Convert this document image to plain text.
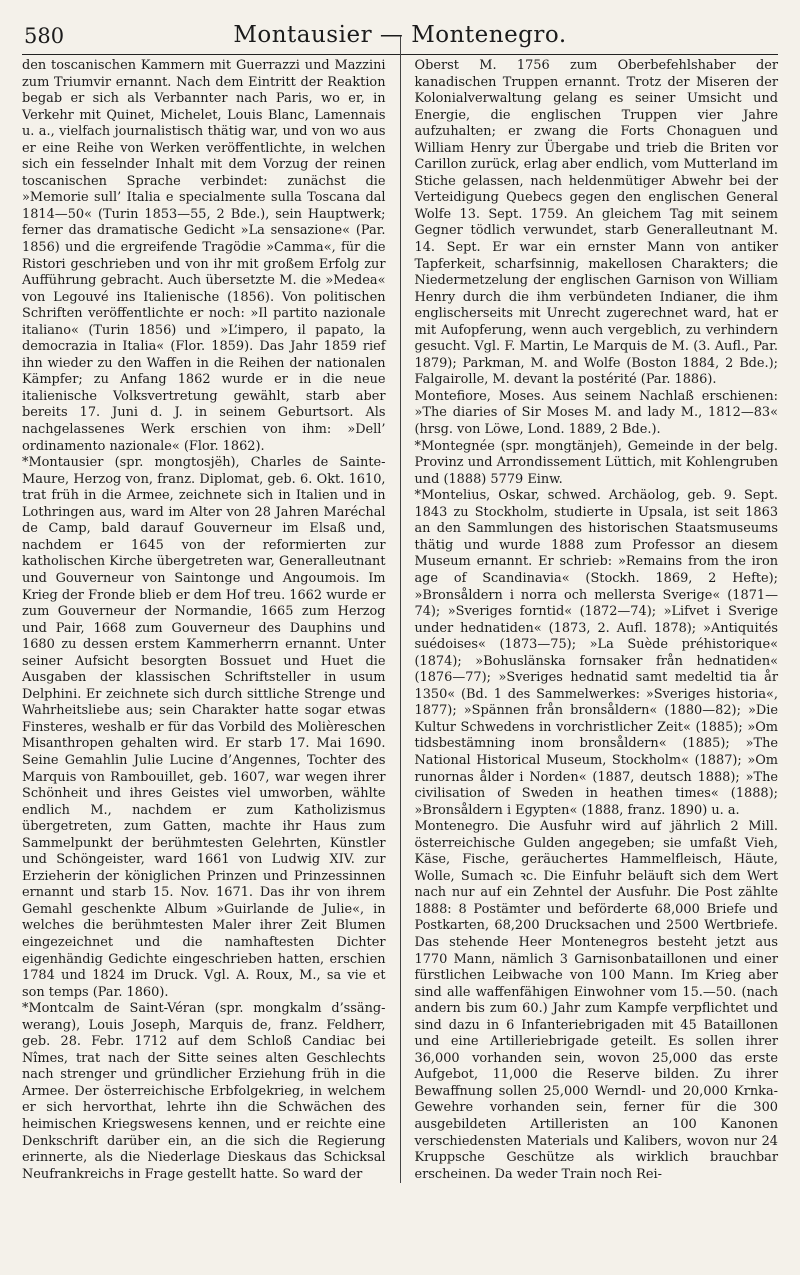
580	Montausier — Montenegro.

den toscanischen Kammern mit Guerrazzi und Mazzini zum Triumvir ernannt. Nach dem Eintritt der Reaktion begab er sich als Verbannter nach Paris, wo er, in Verkehr mit Quinet, Michelet, Louis Blanc, Lamennais u. a., vielfach journalistisch thätig war, und von wo aus er eine Reihe von Werken veröffentlichte, in welchen sich ein fesselnder Inhalt mit dem Vorzug der reinen toscanischen Sprache verbindet: zunächst die »Memorie sull’ Italia e specialmente sulla Toscana dal 1814—50« (Turin 1853—55, 2 Bde.), sein Hauptwerk; ferner das dramatische Gedicht »La sensazione« (Par. 1856) und die ergreifende Tragödie »Camma«, für die Ristori geschrieben und von ihr mit großem Erfolg zur Aufführung gebracht. Auch übersetzte M. die »Medea« von Legouvé ins Italienische (1856). Von politischen Schriften veröffentlichte er noch: »Il partito nazionale italiano« (Turin 1856) und »L’impero, il papato, la democrazia in Italia« (Flor. 1859). Das Jahr 1859 rief ihn wieder zu den Waffen in die Reihen der nationalen Kämpfer; zu Anfang 1862 wurde er in die neue italienische Volksvertretung gewählt, starb aber bereits 17. Juni d. J. in seinem Geburtsort. Als nachgelassenes Werk erschien von ihm: »Dell’ ordinamento nazionale« (Flor. 1862).

*Montausier (spr. mongtosjëh), Charles de Sainte-Maure, Herzog von, franz. Diplomat, geb. 6. Okt. 1610, trat früh in die Armee, zeichnete sich in Italien und in Lothringen aus, ward im Alter von 28 Jahren Maréchal de Camp, bald darauf Gouverneur im Elsaß und, nachdem er 1645 von der reformierten zur katholischen Kirche übergetreten war, Generalleutnant und Gouverneur von Saintonge und Angoumois. Im Krieg der Fronde blieb er dem Hof treu. 1662 wurde er zum Gouverneur der Normandie, 1665 zum Herzog und Pair, 1668 zum Gouverneur des Dauphins und 1680 zu dessen erstem Kammerherrn ernannt. Unter seiner Aufsicht besorgten Bossuet und Huet die Ausgaben der klassischen Schriftsteller in usum Delphini. Er zeichnete sich durch sittliche Strenge und Wahrheitsliebe aus; sein Charakter hatte sogar etwas Finsteres, weshalb er für das Vorbild des Molièreschen Misanthropen gehalten wird. Er starb 17. Mai 1690. Seine Gemahlin Julie Lucine d’Angennes, Tochter des Marquis von Rambouillet, geb. 1607, war wegen ihrer Schönheit und ihres Geistes viel umworben, wählte endlich M., nachdem er zum Katholizismus übergetreten, zum Gatten, machte ihr Haus zum Sammelpunkt der berühmtesten Gelehrten, Künstler und Schöngeister, ward 1661 von Ludwig XIV. zur Erzieherin der königlichen Prinzen und Prinzessinnen ernannt und starb 15. Nov. 1671. Das ihr von ihrem Gemahl geschenkte Album »Guirlande de Julie«, in welches die berühmtesten Maler ihrer Zeit Blumen eingezeichnet und die namhaftesten Dichter eigenhändig Gedichte eingeschrieben hatten, erschien 1784 und 1824 im Druck. Vgl. A. Roux, M., sa vie et son temps (Par. 1860).

*Montcalm de Saint-Véran (spr. mongkalm d’ssäng-werang), Louis Joseph, Marquis de, franz. Feldherr, geb. 28. Febr. 1712 auf dem Schloß Candiac bei Nîmes, trat nach der Sitte seines alten Geschlechts nach strenger und gründlicher Erziehung früh in die Armee. Der österreichische Erbfolgekrieg, in welchem er sich hervorthat, lehrte ihn die Schwächen des heimischen Kriegswesens kennen, und er reichte eine Denkschrift darüber ein, an die sich die Regierung erinnerte, als die Niederlage Dieskaus das Schicksal Neufrankreichs in Frage gestellt hatte. So ward der

Oberst M. 1756 zum Oberbefehlshaber der kanadischen Truppen ernannt. Trotz der Miseren der Kolonialverwaltung gelang es seiner Umsicht und Energie, die englischen Truppen vier Jahre aufzuhalten; er zwang die Forts Chonaguen und William Henry zur Übergabe und trieb die Briten vor Carillon zurück, erlag aber endlich, vom Mutterland im Stiche gelassen, nach heldenmütiger Abwehr bei der Verteidigung Quebecs gegen den englischen General Wolfe 13. Sept. 1759. An gleichem Tag mit seinem Gegner tödlich verwundet, starb Generalleutnant M. 14. Sept. Er war ein ernster Mann von antiker Tapferkeit, scharfsinnig, makellosen Charakters; die Niedermetzelung der englischen Garnison von William Henry durch die ihm verbündeten Indianer, die ihm englischerseits mit Unrecht zugerechnet ward, hat er mit Aufopferung, wenn auch vergeblich, zu verhindern gesucht. Vgl. F. Martin, Le Marquis de M. (3. Aufl., Par. 1879); Parkman, M. and Wolfe (Boston 1884, 2 Bde.); Falgairolle, M. devant la postérité (Par. 1886).

Montefiore, Moses. Aus seinem Nachlaß erschienen: »The diaries of Sir Moses M. and lady M., 1812—83« (hrsg. von Löwe, Lond. 1889, 2 Bde.).

*Montegnée (spr. mongtänjeh), Gemeinde in der belg. Provinz und Arrondissement Lüttich, mit Kohlengruben und (1888) 5779 Einw.

*Montelius, Oskar, schwed. Archäolog, geb. 9. Sept. 1843 zu Stockholm, studierte in Upsala, ist seit 1863 an den Sammlungen des historischen Staatsmuseums thätig und wurde 1888 zum Professor an diesem Museum ernannt. Er schrieb: »Remains from the iron age of Scandinavia« (Stockh. 1869, 2 Hefte); »Bronsåldern i norra och mellersta Sverige« (1871—74); »Sveriges forntid« (1872—74); »Lifvet i Sverige under hednatiden« (1873, 2. Aufl. 1878); »Antiquités suédoises« (1873—75); »La Suède préhistorique« (1874); »Bohuslänska fornsaker från hednatiden« (1876—77); »Sveriges hednatid samt medeltid tia år 1350« (Bd. 1 des Sammelwerkes: »Sveriges historia«, 1877); »Spännen från bronsåldern« (1880—82); »Die Kultur Schwedens in vorchristlicher Zeit« (1885); »Om tidsbestämning inom bronsåldern« (1885); »The National Historical Museum, Stockholm« (1887); »Om runornas ålder i Norden« (1887, deutsch 1888); »The civilisation of Sweden in heathen times« (1888); »Bronsåldern i Egypten« (1888, franz. 1890) u. a.

Montenegro. Die Ausfuhr wird auf jährlich 2 Mill. österreichische Gulden angegeben; sie umfaßt Vieh, Käse, Fische, geräuchertes Hammelfleisch, Häute, Wolle, Sumach ꝛc. Die Einfuhr beläuft sich dem Wert nach nur auf ein Zehntel der Ausfuhr. Die Post zählte 1888: 8 Postämter und beförderte 68,000 Briefe und Postkarten, 68,200 Drucksachen und 2500 Wertbriefe. Das stehende Heer Montenegros besteht jetzt aus 1770 Mann, nämlich 3 Garnisonbataillonen und einer fürstlichen Leibwache von 100 Mann. Im Krieg aber sind alle waffenfähigen Einwohner vom 15.—50. (nach andern bis zum 60.) Jahr zum Kampfe verpflichtet und sind dazu in 6 Infanteriebrigaden mit 45 Bataillonen und eine Artilleriebrigade geteilt. Es sollen ihrer 36,000 vorhanden sein, wovon 25,000 das erste Aufgebot, 11,000 die Reserve bilden. Zu ihrer Bewaffnung sollen 25,000 Werndl- und 20,000 Krnka-Gewehre vorhanden sein, ferner für die 300 ausgebildeten Artilleristen an 100 Kanonen verschiedensten Materials und Kalibers, wovon nur 24 Kruppsche Geschütze als wirklich brauchbar erscheinen. Da weder Train noch Rei-
